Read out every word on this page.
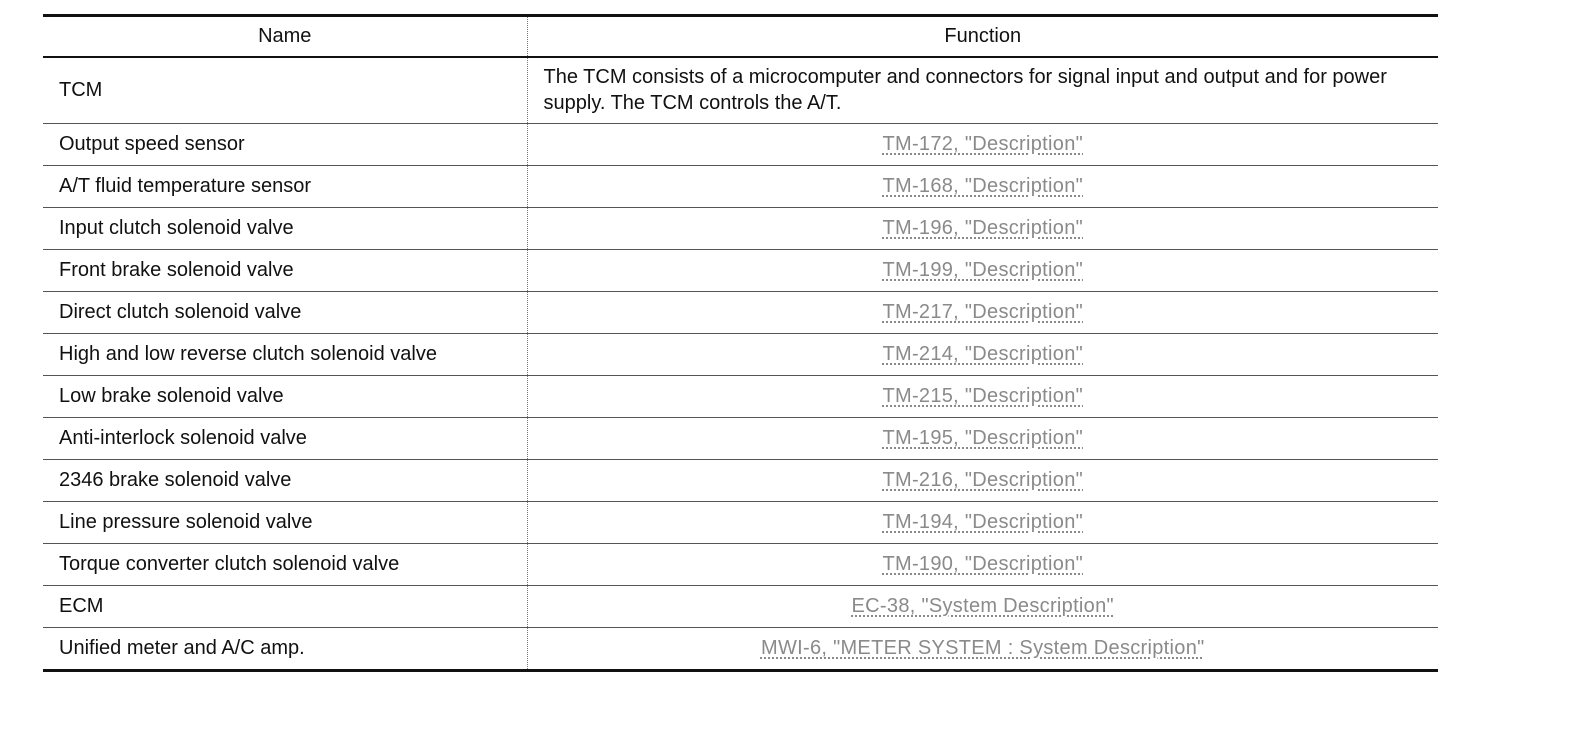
Name	Function
TCM	The TCM consists of a microcomputer and connectors for signal input and output and for power supply. The TCM controls the A/T.
Output speed sensor	TM-172, "Description"
A/T fluid temperature sensor	TM-168, "Description"
Input clutch solenoid valve	TM-196, "Description"
Front brake solenoid valve	TM-199, "Description"
Direct clutch solenoid valve	TM-217, "Description"
High and low reverse clutch solenoid valve	TM-214, "Description"
Low brake solenoid valve	TM-215, "Description"
Anti-interlock solenoid valve	TM-195, "Description"
2346 brake solenoid valve	TM-216, "Description"
Line pressure solenoid valve	TM-194, "Description"
Torque converter clutch solenoid valve	TM-190, "Description"
ECM	EC-38, "System Description"
Unified meter and A/C amp.	MWI-6, "METER SYSTEM : System Description"
